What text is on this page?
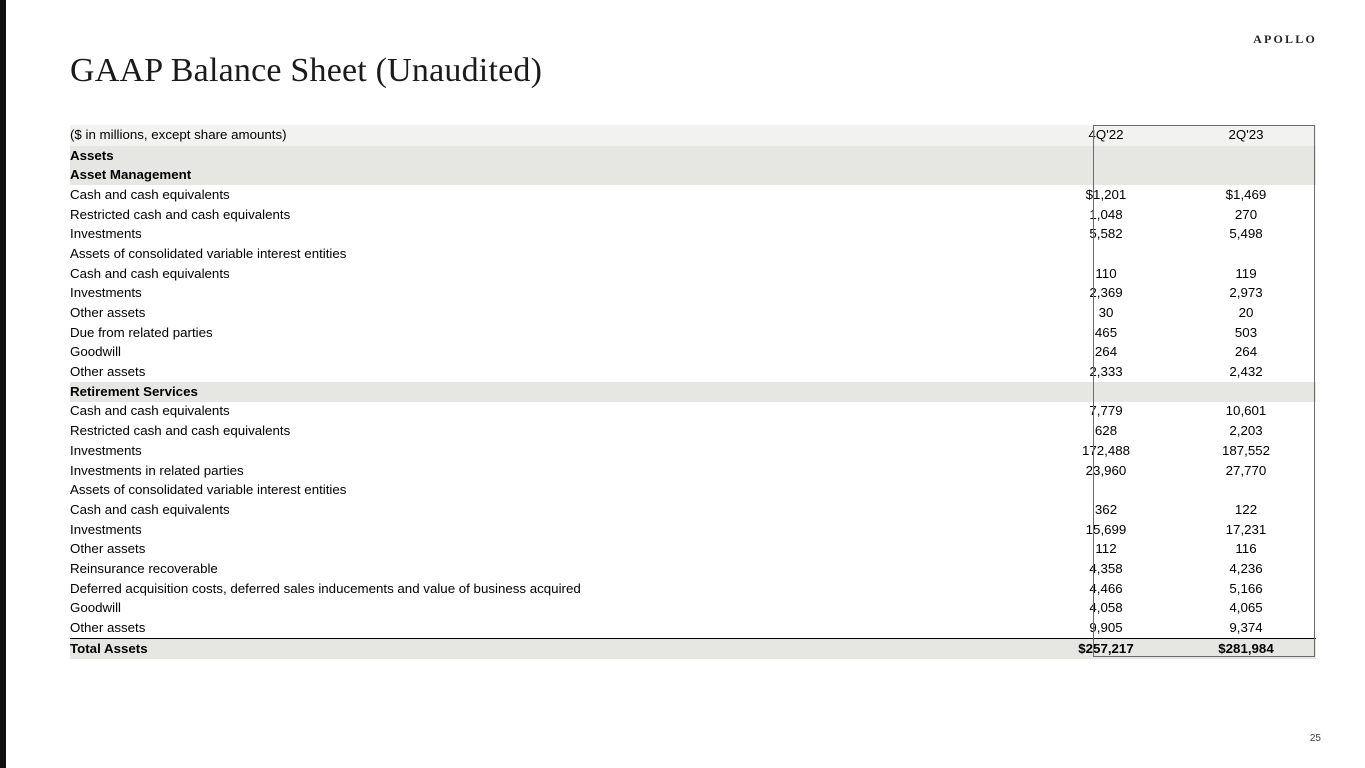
APOLLO
GAAP Balance Sheet (Unaudited)
($ in millions, except share amounts)		4Q'22	2Q'23
Assets			
Asset Management			
Cash and cash equivalents		$1,201	$1,469
Restricted cash and cash equivalents		1,048	270
Investments		5,582	5,498
Assets of consolidated variable interest entities			
Cash and cash equivalents		110	119
Investments		2,369	2,973
Other assets		30	20
Due from related parties		465	503
Goodwill		264	264
Other assets		2,333	2,432
Retirement Services			
Cash and cash equivalents		7,779	10,601
Restricted cash and cash equivalents		628	2,203
Investments		172,488	187,552
Investments in related parties		23,960	27,770
Assets of consolidated variable interest entities			
Cash and cash equivalents		362	122
Investments		15,699	17,231
Other assets		112	116
Reinsurance recoverable		4,358	4,236
Deferred acquisition costs, deferred sales inducements and value of business acquired		4,466	5,166
Goodwill		4,058	4,065
Other assets		9,905	9,374
Total Assets		$257,217	$281,984
25
